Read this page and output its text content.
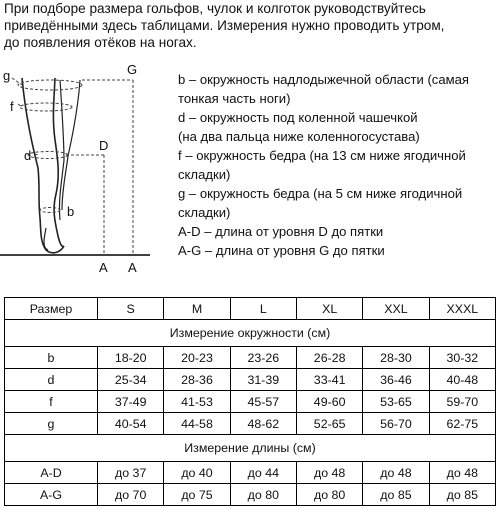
При подборе размера гольфов, чулок и колготок руководствуйтесь
приведёнными здесь таблицами. Измерения нужно проводить утром,
до появления отёков на ногах.
g	G
f
d
D
b
A A

b – окружность надлодыжечной области (самая

тонкая часть ноги)

d – окружность под коленной чашечкой

(на два пальца ниже коленногосустава)

f – окружность бедра (на 13 см ниже ягодичной

складки)

g – окружность бедра (на 5 см ниже ягодичной

складки)

A-D – длина от уровня D до пятки

A-G – длина от уровня G до пятки

Размер	S	M	L	XL	XXL	XXXL
Измерение окружности (см)						
b	18-20	20-23	23-26	26-28	28-30	30-32
d	25-34	28-36	31-39	33-41	36-46	40-48
f	37-49	41-53	45-57	49-60	53-65	59-70
g	40-54	44-58	48-62	52-65	56-70	62-75
Измерение длины (см)						
A-D	до 37	до 40	до 44	до 48	до 48	до 48
A-G	до 70	до 75	до 80	до 80	до 85	до 85
